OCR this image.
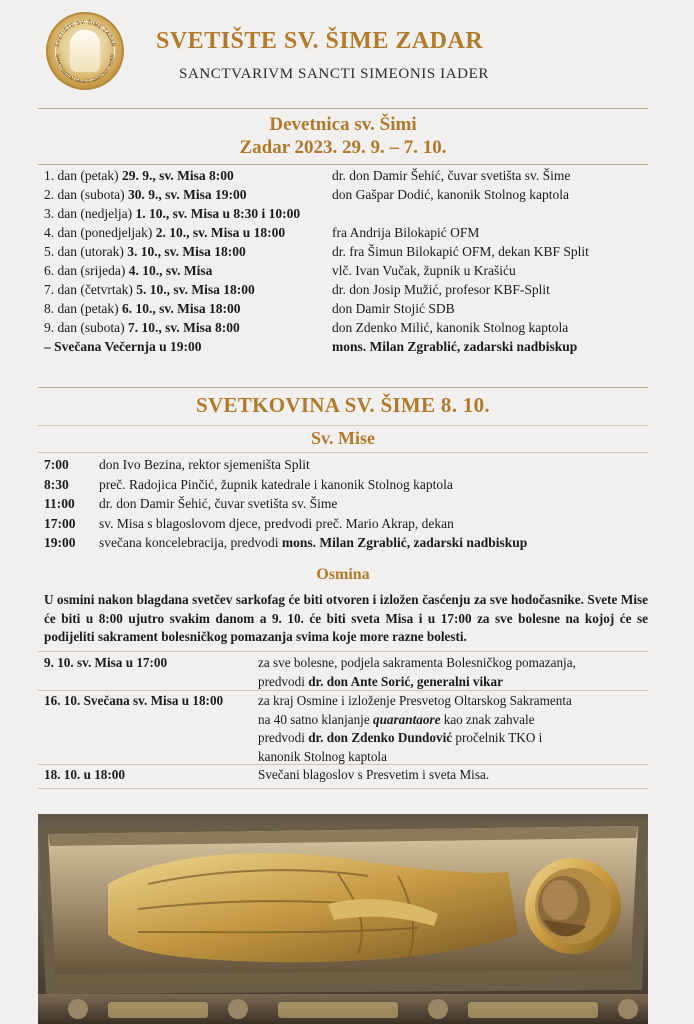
SVETIŠTE SV. ŠIME ZADAR
SANCTVARIVM SANCTI SIMEONIS IADER
SVETIŠTE SV. ŠIME ZADAR
SANCTVARIVM SANCTI SIMEONIS IADER
Devetnica sv. Šimi
Zadar 2023. 29. 9. – 7. 10.
1. dan (petak) 29. 9., sv. Misa 8:00	dr. don Damir Šehić, čuvar svetišta sv. Šime
2. dan (subota) 30. 9., sv. Misa 19:00	don Gašpar Dodić, kanonik Stolnog kaptola
3. dan (nedjelja) 1. 10., sv. Misa u 8:30 i 10:00
4. dan (ponedjeljak) 2. 10., sv. Misa u 18:00	fra Andrija Bilokapić OFM
5. dan (utorak) 3. 10., sv. Misa 18:00	dr. fra Šimun Bilokapić OFM, dekan KBF Split
6. dan (srijeda) 4. 10., sv. Misa	vlč. Ivan Vučak, župnik u Krašiću
7. dan (četvrtak) 5. 10., sv. Misa 18:00	dr. don Josip Mužić, profesor KBF-Split
8. dan (petak) 6. 10., sv. Misa 18:00	don Damir Stojić SDB
9. dan (subota) 7. 10., sv. Misa 8:00	don Zdenko Milić, kanonik Stolnog kaptola
– Svečana Večernja u 19:00	mons. Milan Zgrablić, zadarski nadbiskup
SVETKOVINA SV. ŠIME 8. 10.
Sv. Mise
7:00 don Ivo Bezina, rektor sjemeništa Split
8:30 preč. Radojica Pinčić, župnik katedrale i kanonik Stolnog kaptola
11:00 dr. don Damir Šehić, čuvar svetišta sv. Šime
17:00 sv. Misa s blagoslovom djece, predvodi preč. Mario Akrap, dekan
19:00 svečana koncelebracija, predvodi mons. Milan Zgrablić, zadarski nadbiskup
Osmina
U osmini nakon blagdana svetčev sarkofag će biti otvoren i izložen časćenju za sve hodočasnike. Svete Mise će biti u 8:00 ujutro svakim danom a 9. 10. će biti sveta Misa i u 17:00 za sve bolesne na kojoj će se podijeliti sakrament bolesničkog pomazanja svima koje more razne bolesti.
9. 10. sv. Misa u 17:00	za sve bolesne, podjela sakramenta Bolesničkog pomazanja,
predvodi dr. don Ante Sorić, generalni vikar
16. 10. Svečana sv. Misa u 18:00	za kraj Osmine i izloženje Presvetog Oltarskog Sakramenta
na 40 satno klanjanje quarantaore kao znak zahvale
predvodi dr. don Zdenko Dundović pročelnik TKO i
kanonik Stolnog kaptola
18. 10. u 18:00	Svečani blagoslov s Presvetim i sveta Misa.
